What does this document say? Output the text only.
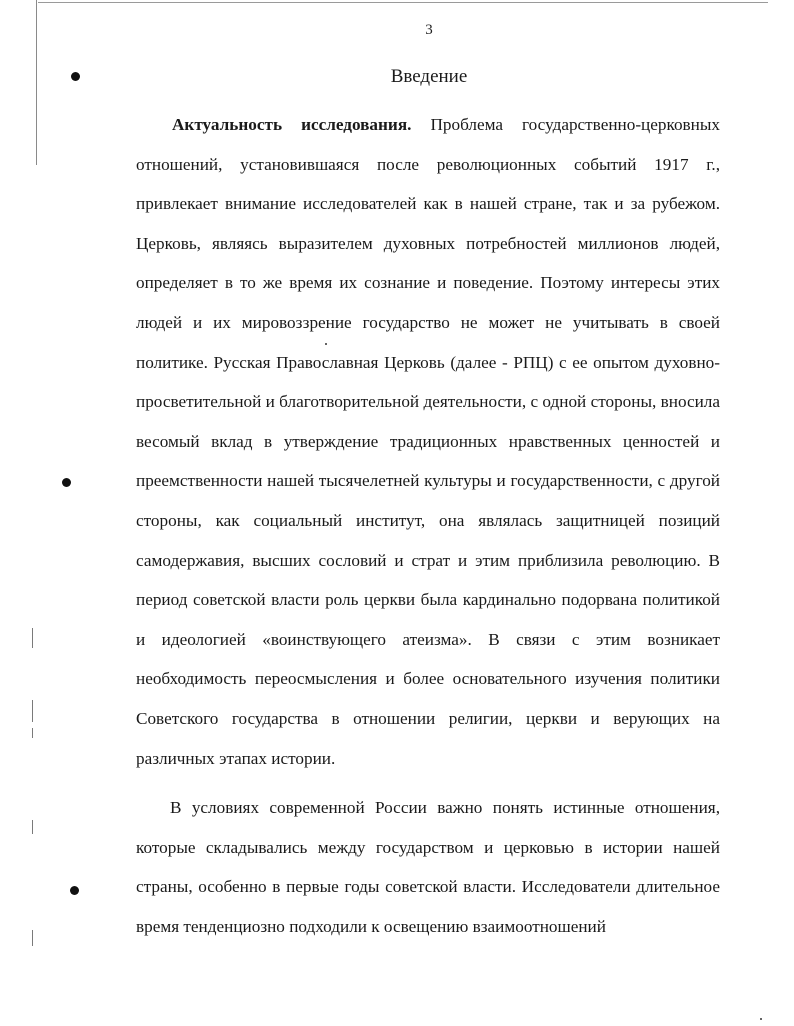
3
Введение

Актуальность исследования. Проблема государственно-церковных отношений, установившаяся после революционных событий 1917 г., привлекает внимание исследователей как в нашей стране, так и за рубежом. Церковь, являясь выразителем духовных потребностей миллионов людей, определяет в то же время их сознание и поведение. Поэтому интересы этих людей и их мировоззрение государство не может не учитывать в своей политике. Русская Православная Церковь (далее - РПЦ) с ее опытом духовно-просветительной и благотворительной деятельности, с одной стороны, вносила весомый вклад в утверждение традиционных нравственных ценностей и преемственности нашей тысячелетней культуры и государственности, с другой стороны, как социальный институт, она являлась защитницей позиций самодержавия, высших сословий и страт и этим приблизила революцию. В период советской власти роль церкви была кардинально подорвана политикой и идеологией «воинствующего атеизма». В связи с этим возникает необходимость переосмысления и более основательного изучения политики Советского государства в отношении религии, церкви и верующих на различных этапах истории.

В условиях современной России важно понять истинные отношения, которые складывались между государством и церковью в истории нашей страны, особенно в первые годы советской власти. Исследователи длительное время тенденциозно подходили к освещению взаимоотношений
